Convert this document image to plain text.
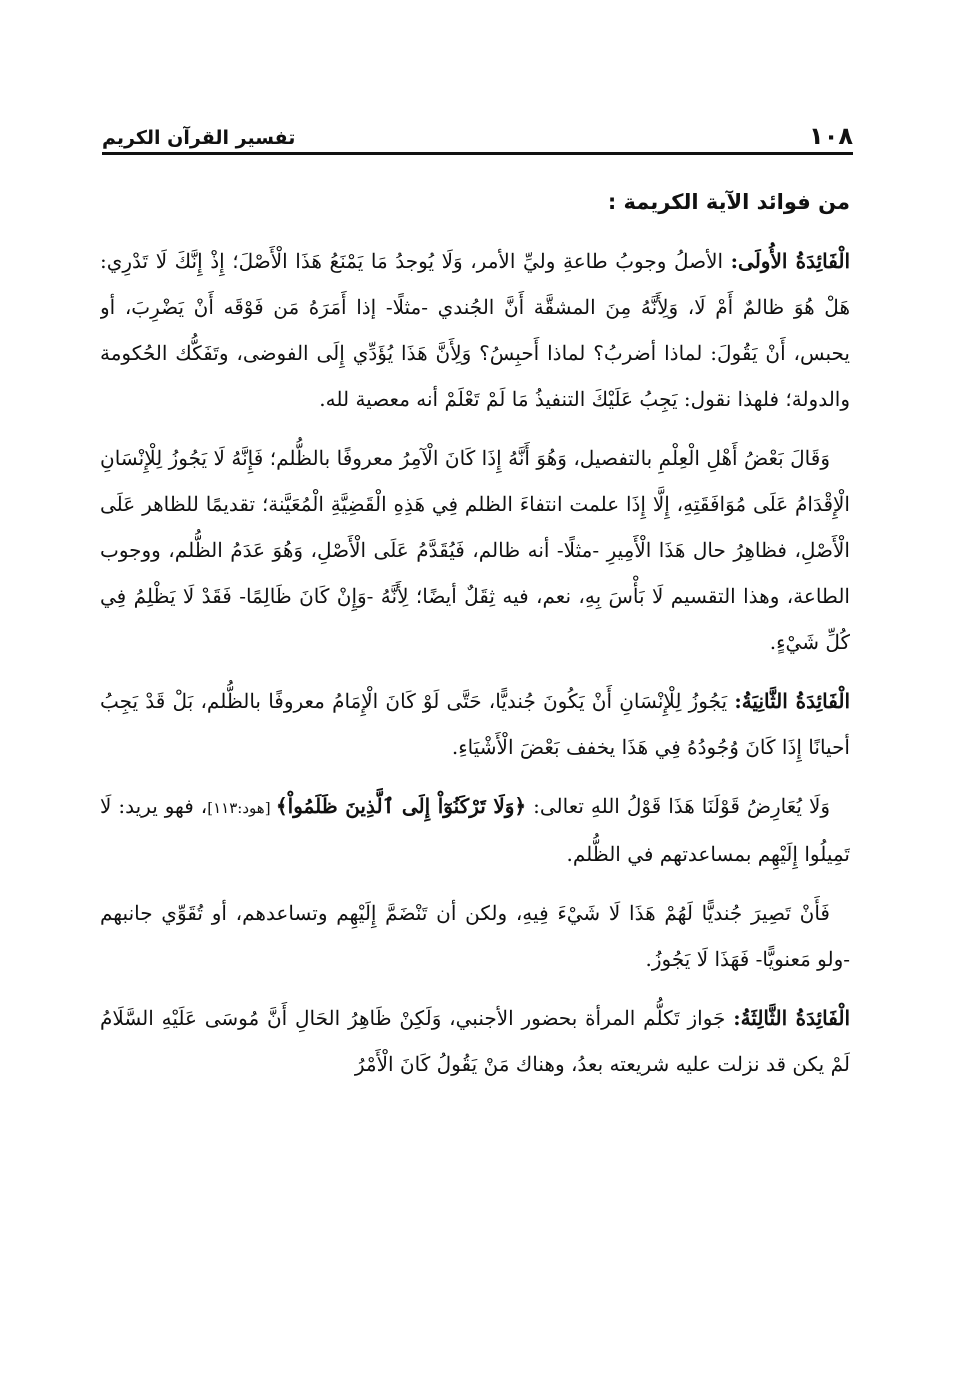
١٠٨
تفسير القرآن الكريم
من فوائد الآية الكريمة :

الْفَائِدَةُ الأُولَى: الأصلُ وجوبُ طاعةِ وليِّ الأمر، وَلَا يُوجدُ مَا يَمْنَعُ هَذَا الْأَصْلَ؛ إِذْ إِنَّكَ لَا تَدْرِي: هَلْ هُوَ ظالمٌ أَمْ لَا، وَلِأَنَّهُ مِنَ المشقَّة أَنَّ الجُندي -مثلًا- إذا أَمَرَهُ مَن فَوْقَه أَنْ يَضْرِبَ، أو يحبس، أَنْ يَقُولَ: لماذا أضربُ؟ لماذا أَحبِسُ؟ وَلِأَنَّ هَذَا يُؤَدِّي إِلَى الفوضى، وتَفَكُّك الحُكومة والدولة؛ فلهذا نقول: يَجِبُ عَلَيْكَ التنفيذُ مَا لَمْ تَعْلَمْ أنه معصية لله.

وَقَالَ بَعْضُ أَهْلِ الْعِلْمِ بالتفصيل، وَهُوَ أَنَّهُ إِذَا كَانَ الْآمِرُ معروفًا بالظُّلم؛ فَإِنَّهُ لَا يَجُوزُ لِلْإِنْسَانِ الْإِقْدَامُ عَلَى مُوَافَقَتِهِ، إِلَّا إِذَا علمت انتفاءَ الظلم فِي هَذِهِ الْقَضِيَّةِ الْمُعَيَّنة؛ تقديمًا للظاهر عَلَى الْأَصْلِ، فظاهِرُ حال هَذَا الْأَمِيرِ -مثلًا- أنه ظالم، فَيُقَدَّمُ عَلَى الْأَصْلِ، وَهُوَ عَدَمُ الظُّلم، ووجوب الطاعة، وهذا التقسيم لَا بَأْسَ بِهِ، نعم، فيه ثِقَلٌ أيضًا؛ لِأَنَّهُ -وَإِنْ كَانَ ظَالِمًا- فَقَدْ لَا يَظْلِمُ فِي كُلِّ شَيْءٍ.

الْفَائِدَةُ الثَّانِيَةُ: يَجُوزُ لِلْإِنْسَانِ أَنْ يَكُونَ جُنديًّا، حَتَّى لَوْ كَانَ الْإِمَامُ معروفًا بالظُّلم، بَلْ قَدْ يَجِبُ أحيانًا إِذَا كَانَ وُجُودُهُ فِي هَذَا يخفف بَعْضَ الْأَشْيَاءِ.

وَلَا يُعَارِضُ قَوْلَنَا هَذَا قَوْلُ اللهِ تعالى: ﴿وَلَا تَرْكَنُوٓاْ إِلَى ٱلَّذِينَ ظَلَمُواْ﴾ [هود:١١٣]، فهو يريد: لَا تَمِيلُوا إِلَيْهِم بمساعدتهم في الظُّلم.

فَأَنْ تَصِيرَ جُنديًّا لَهُمْ هَذَا لَا شَيْءَ فِيهِ، ولكن أن تَنْضَمَّ إِلَيْهِم وتساعدهم، أو تُقَوِّي جانبهم -ولو مَعنويًّا- فَهَذَا لَا يَجُوزُ.

الْفَائِدَةُ الثَّالِثَةُ: جَواز تَكلُّم المرأة بحضور الأجنبي، وَلَكِنْ ظَاهِرُ الحَالِ أَنَّ مُوسَى عَلَيْهِ السَّلَامُ لَمْ يكن قد نزلت عليه شريعته بعدُ، وهناك مَنْ يَقُولُ كَانَ الْأَمْرُ
